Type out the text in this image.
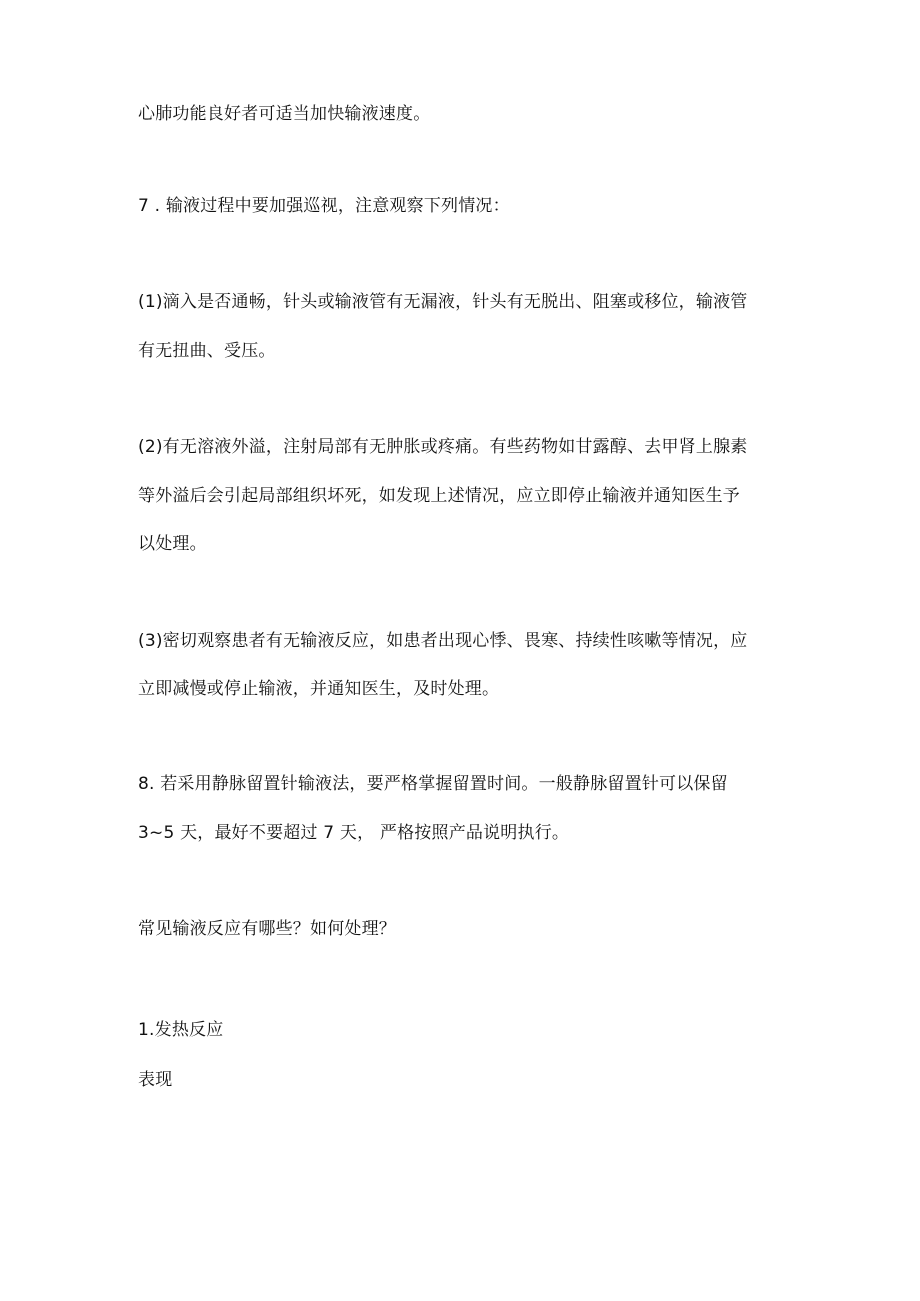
心肺功能良好者可适当加快输液速度。

7 . 输液过程中要加强巡视，注意观察下列情况：

(1)滴入是否通畅，针头或输液管有无漏液，针头有无脱出、阻塞或移位，输液管

有无扭曲、受压。

(2)有无溶液外溢，注射局部有无肿胀或疼痛。有些药物如甘露醇、去甲肾上腺素

等外溢后会引起局部组织坏死，如发现上述情况，应立即停止输液并通知医生予

以处理。

(3)密切观察患者有无输液反应，如患者出现心悸、畏寒、持续性咳嗽等情况，应

立即减慢或停止输液，并通知医生，及时处理。

8. 若采用静脉留置针输液法，要严格掌握留置时间。一般静脉留置针可以保留

3~5 天，最好不要超过 7 天， 严格按照产品说明执行。

常见输液反应有哪些？如何处理？

1.发热反应

表现
